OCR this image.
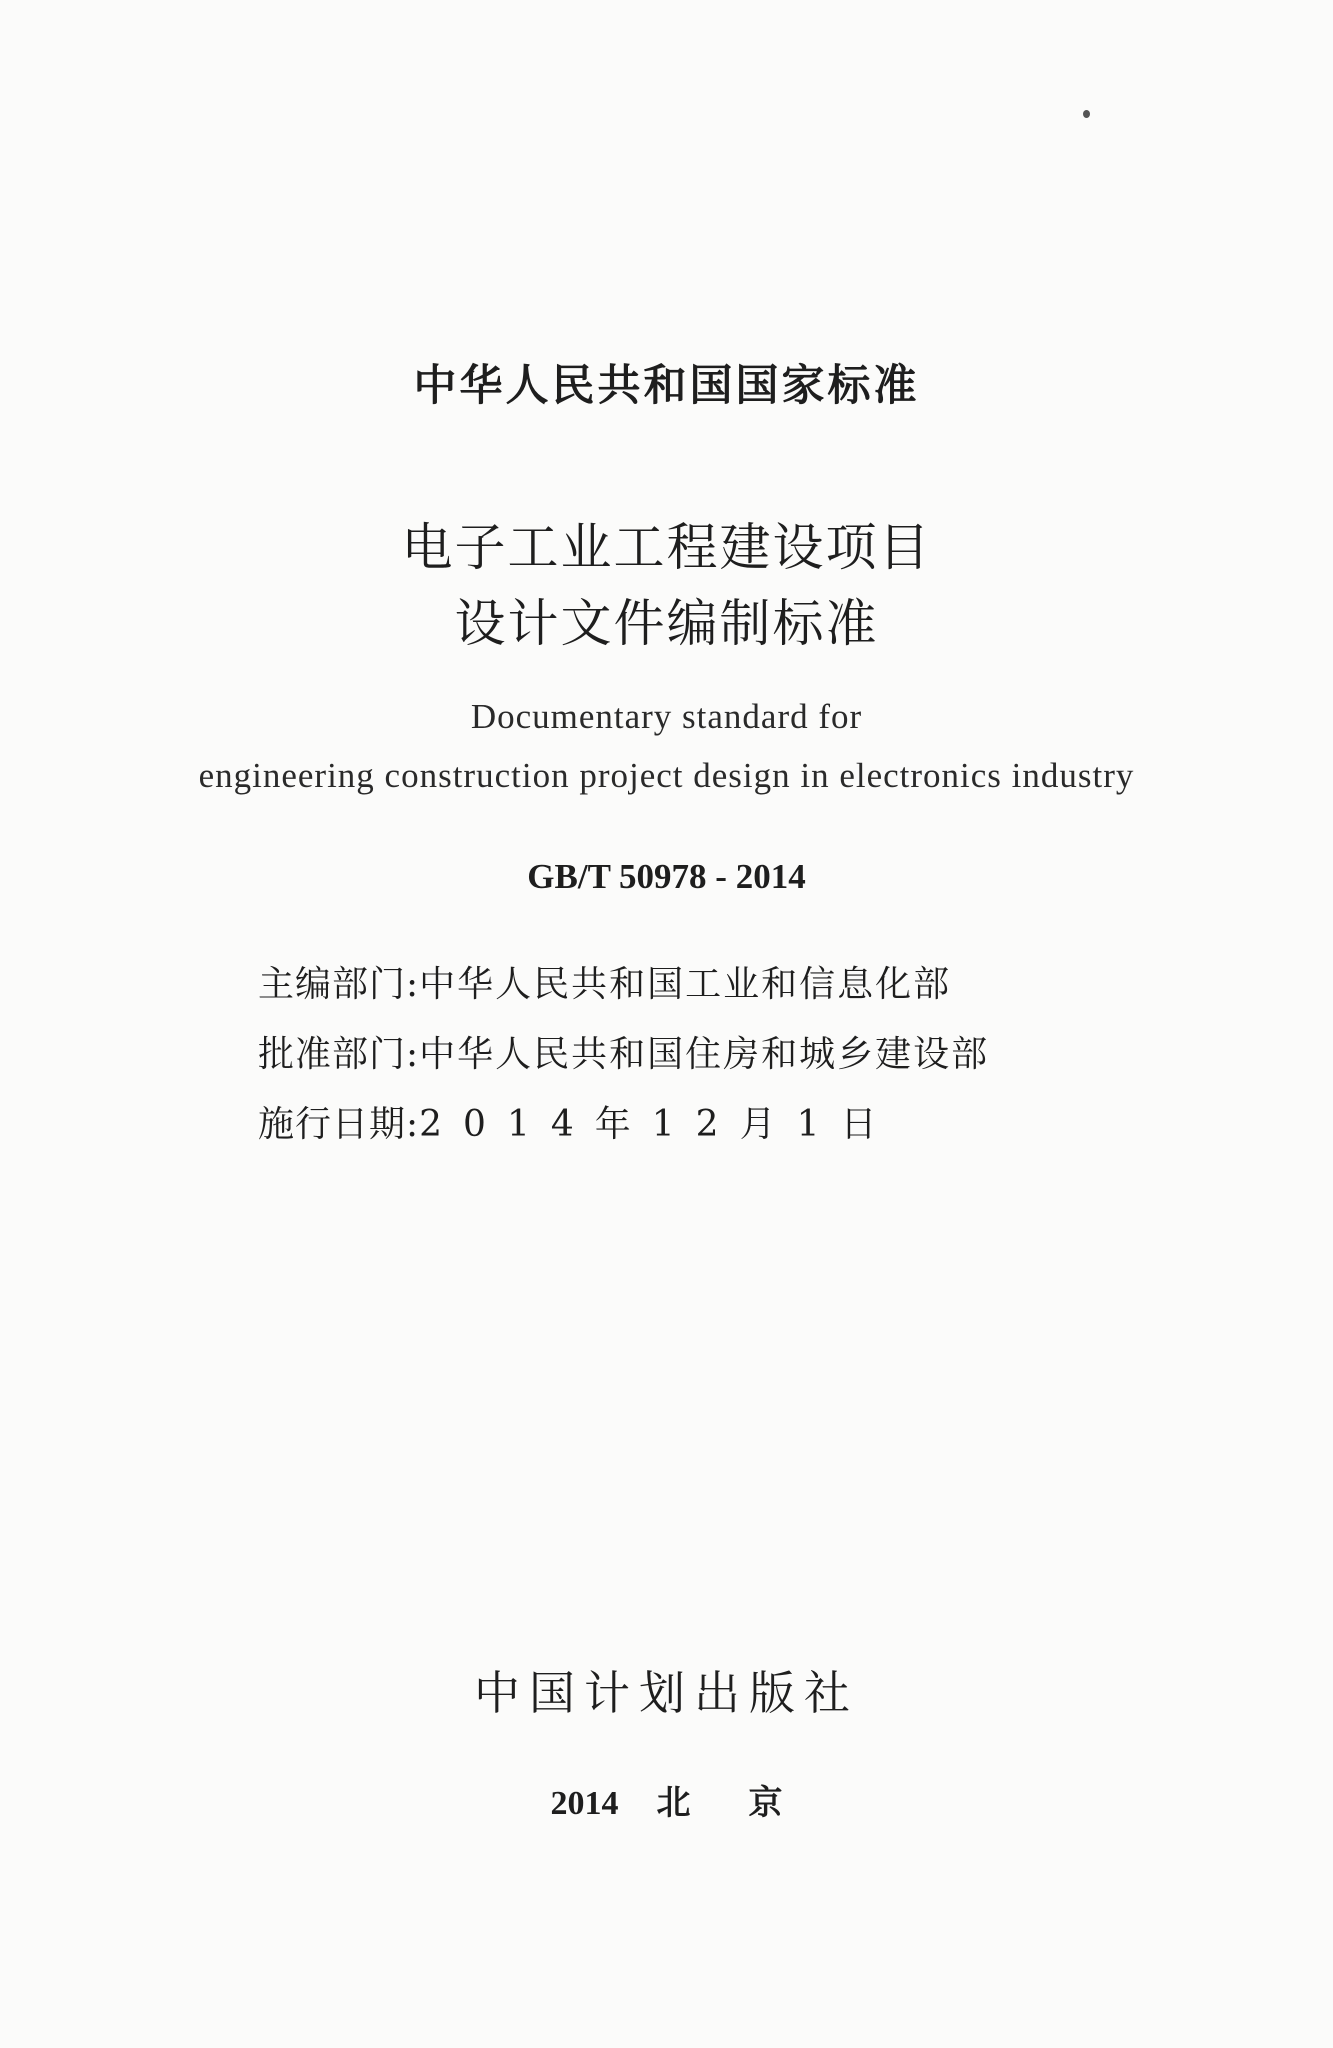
中华人民共和国国家标准
电子工业工程建设项目
设计文件编制标准
Documentary standard for
engineering construction project design in electronics industry
GB/T 50978 - 2014
主编部门:中华人民共和国工业和信息化部
批准部门:中华人民共和国住房和城乡建设部
施行日期:2014年12月1日
中国计划出版社
2014 北京
